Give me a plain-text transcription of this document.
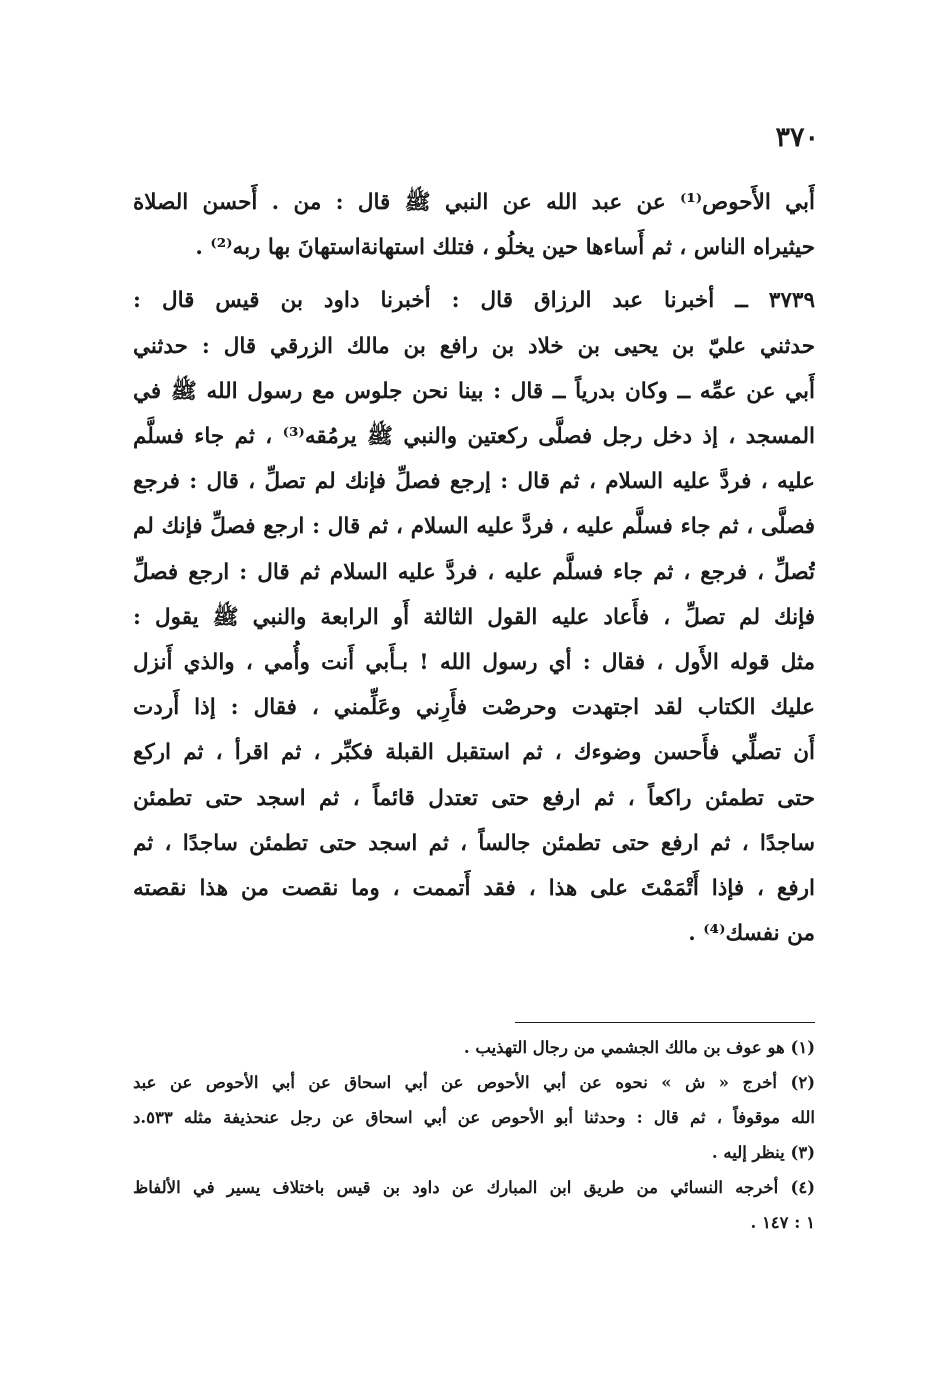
٣٧٠
أَبي الأَحوص⁽¹⁾ عن عبد الله عن النبي ﷺ قال : من . أَحسن الصلاة
حيثيراه الناس ، ثم أَساءها حين يخلُو ، فتلك استهانةاستهانَ بها ربه⁽²⁾ .
٣٧٣٩ ــ أخبرنا عبد الرزاق قال : أخبرنا داود بن قيس قال :
حدثني عليّ بن يحيى بن خلاد بن رافع بن مالك الزرقي قال : حدثني
أَبي عن عمِّه ــ وكان بدرياً ــ قال : بينا نحن جلوس مع رسول الله ﷺ في
المسجد ، إذ دخل رجل فصلَّى ركعتين والنبي ﷺ يرمُقه⁽³⁾ ، ثم جاء فسلَّم
عليه ، فردَّ عليه السلام ، ثم قال : إرجع فصلِّ فإنك لم تصلِّ ، قال : فرجع
فصلَّى ، ثم جاء فسلَّم عليه ، فردَّ عليه السلام ، ثم قال : ارجع فصلِّ فإنك لم
تُصلِّ ، فرجع ، ثم جاء فسلَّم عليه ، فردَّ عليه السلام ثم قال : ارجع فصلِّ
فإنك لم تصلِّ ، فأَعاد عليه القول الثالثة أَو الرابعة والنبي ﷺ يقول :
مثل قوله الأَول ، فقال : أي رسول الله ! بـأَبي أَنت وأُمي ، والذي أَنزل
عليك الكتاب لقد اجتهدت وحرصْت فأَرِني وعَلِّمني ، فقال : إذا أَردت
أَن تصلِّي فأَحسن وضوءك ، ثم استقبل القبلة فكبِّر ، ثم اقرأ ، ثم اركع
حتى تطمئن راكعاً ، ثم ارفع حتى تعتدل قائماً ، ثم اسجد حتى تطمئن
ساجدًا ، ثم ارفع حتى تطمئن جالساً ، ثم اسجد حتى تطمئن ساجدًا ، ثم
ارفع ، فإذا أَتْمَمْتَ على هذا ، فقد أَتممت ، وما نقصت من هذا نقصته
من نفسك⁽⁴⁾ .
(١) هو عوف بن مالك الجشمي من رجال التهذيب .
(٢) أخرج « ش » نحوه عن أبي الأحوص عن أبي اسحاق عن أبي الأحوص عن عبد
الله موقوفاً ، ثم قال : وحدثنا أبو الأحوص عن أبي اسحاق عن رجل عنحذيفة مثله ٥٣٣.د
(٣) ينظر إليه .
(٤) أخرجه النسائي من طريق ابن المبارك عن داود بن قيس باختلاف يسير في الألفاظ
١ : ١٤٧ .
